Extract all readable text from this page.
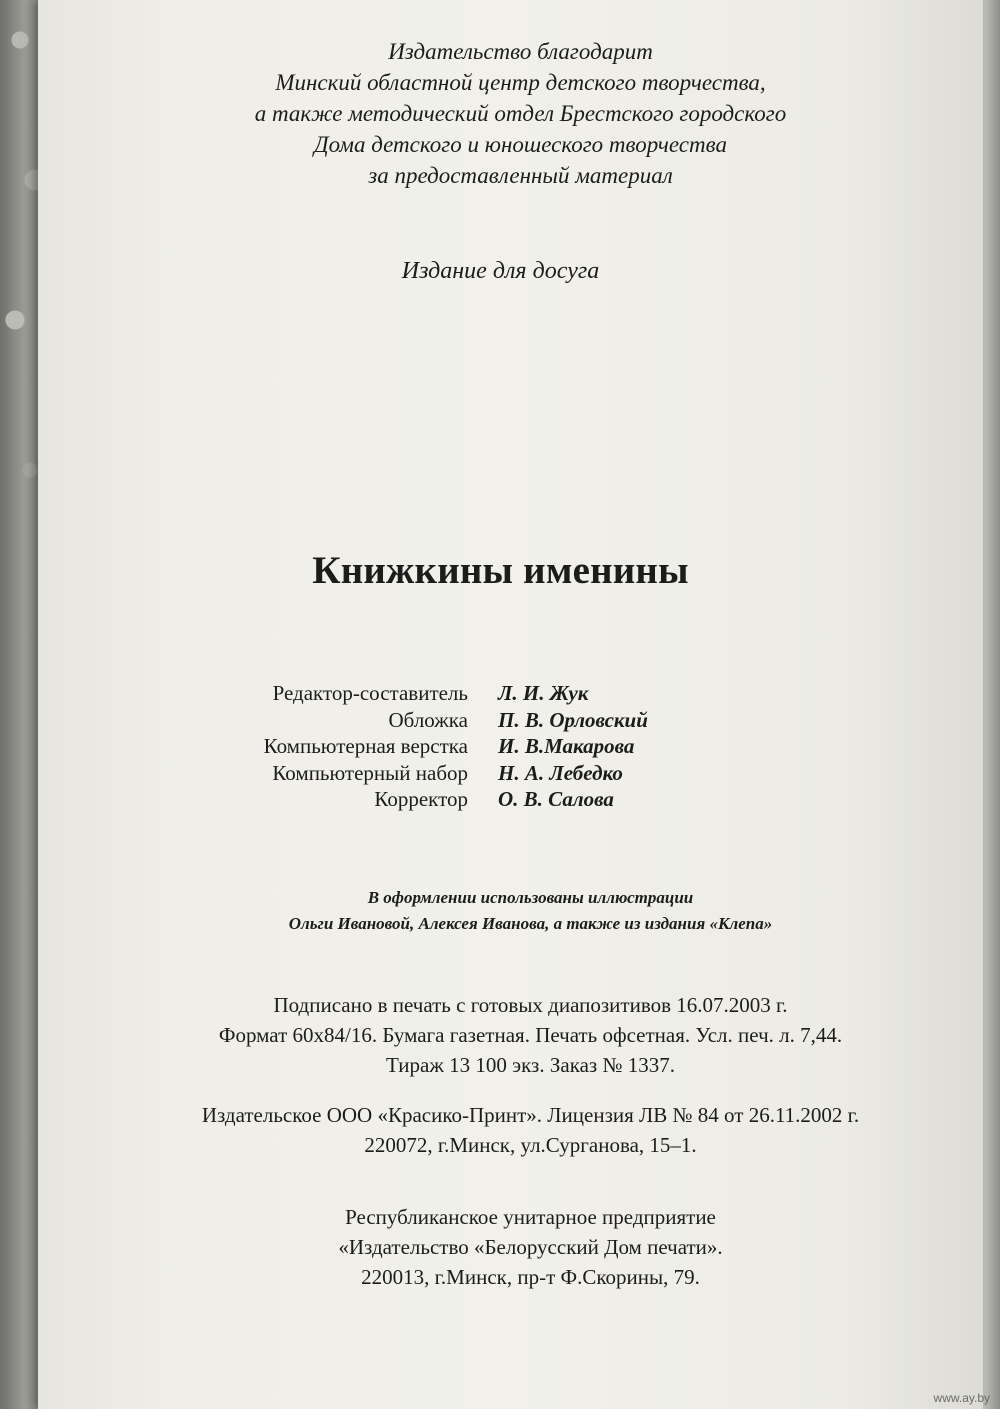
Издательство благодарит
Минский областной центр детского творчества,
а также методический отдел Брестского городского
Дома детского и юношеского творчества
за предоставленный материал
Издание для досуга
Книжкины именины
Редактор-составитель	Л. И. Жук
Обложка	П. В. Орловский
Компьютерная верстка	И. В.Макарова
Компьютерный набор	Н. А. Лебедко
Корректор	О. В. Салова
В оформлении использованы иллюстрации
Ольги Ивановой, Алексея Иванова, а также из издания «Клепа»
Подписано в печать с готовых диапозитивов 16.07.2003 г.
Формат 60х84/16. Бумага газетная. Печать офсетная. Усл. печ. л. 7,44.
Тираж 13 100 экз. Заказ № 1337.
Издательское ООО «Красико-Принт». Лицензия ЛВ № 84 от 26.11.2002 г.
220072, г.Минск, ул.Сурганова, 15–1.
Республиканское унитарное предприятие
«Издательство «Белорусский Дом печати».
220013, г.Минск, пр-т Ф.Скорины, 79.
www.ay.by
